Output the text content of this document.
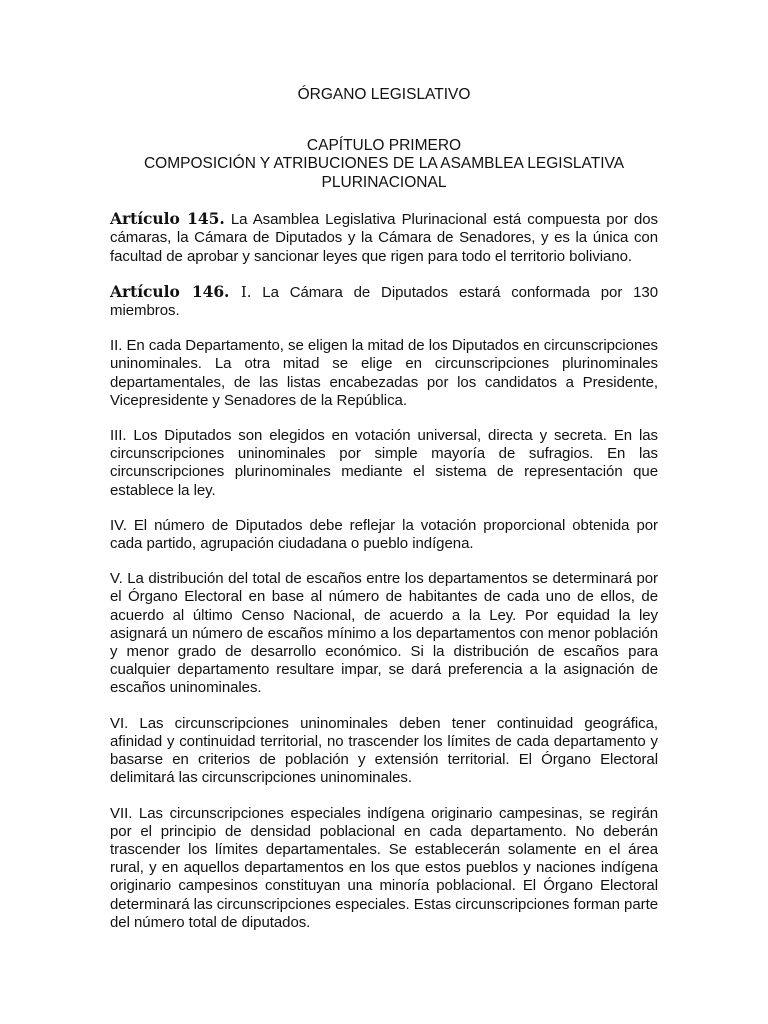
ÓRGANO LEGISLATIVO

CAPÍTULO PRIMERO
COMPOSICIÓN Y ATRIBUCIONES DE LA ASAMBLEA LEGISLATIVA
PLURINACIONAL

Artículo 145. La Asamblea Legislativa Plurinacional está compuesta por dos cámaras, la Cámara de Diputados y la Cámara de Senadores, y es la única con facultad de aprobar y sancionar leyes que rigen para todo el territorio boliviano.

Artículo 146. I. La Cámara de Diputados estará conformada por 130 miembros.

II. En cada Departamento, se eligen la mitad de los Diputados en circunscripciones uninominales. La otra mitad se elige en circunscripciones plurinominales departamentales, de las listas encabezadas por los candidatos a Presidente, Vicepresidente y Senadores de la República.

III. Los Diputados son elegidos en votación universal, directa y secreta. En las circunscripciones uninominales por simple mayoría de sufragios. En las circunscripciones plurinominales mediante el sistema de representación que establece la ley.

IV. El número de Diputados debe reflejar la votación proporcional obtenida por cada partido, agrupación ciudadana o pueblo indígena.

V. La distribución del total de escaños entre los departamentos se determinará por el Órgano Electoral en base al número de habitantes de cada uno de ellos, de acuerdo al último Censo Nacional, de acuerdo a la Ley. Por equidad la ley asignará un número de escaños mínimo a los departamentos con menor población y menor grado de desarrollo económico. Si la distribución de escaños para cualquier departamento resultare impar, se dará preferencia a la asignación de escaños uninominales.

VI. Las circunscripciones uninominales deben tener continuidad geográfica, afinidad y continuidad territorial, no trascender los límites de cada departamento y basarse en criterios de población y extensión territorial. El Órgano Electoral delimitará las circunscripciones uninominales.

VII. Las circunscripciones especiales indígena originario campesinas, se regirán por el principio de densidad poblacional en cada departamento. No deberán trascender los límites departamentales. Se establecerán solamente en el área rural, y en aquellos departamentos en los que estos pueblos y naciones indígena originario campesinos constituyan una minoría poblacional. El Órgano Electoral determinará las circunscripciones especiales. Estas circunscripciones forman parte del número total de diputados.
